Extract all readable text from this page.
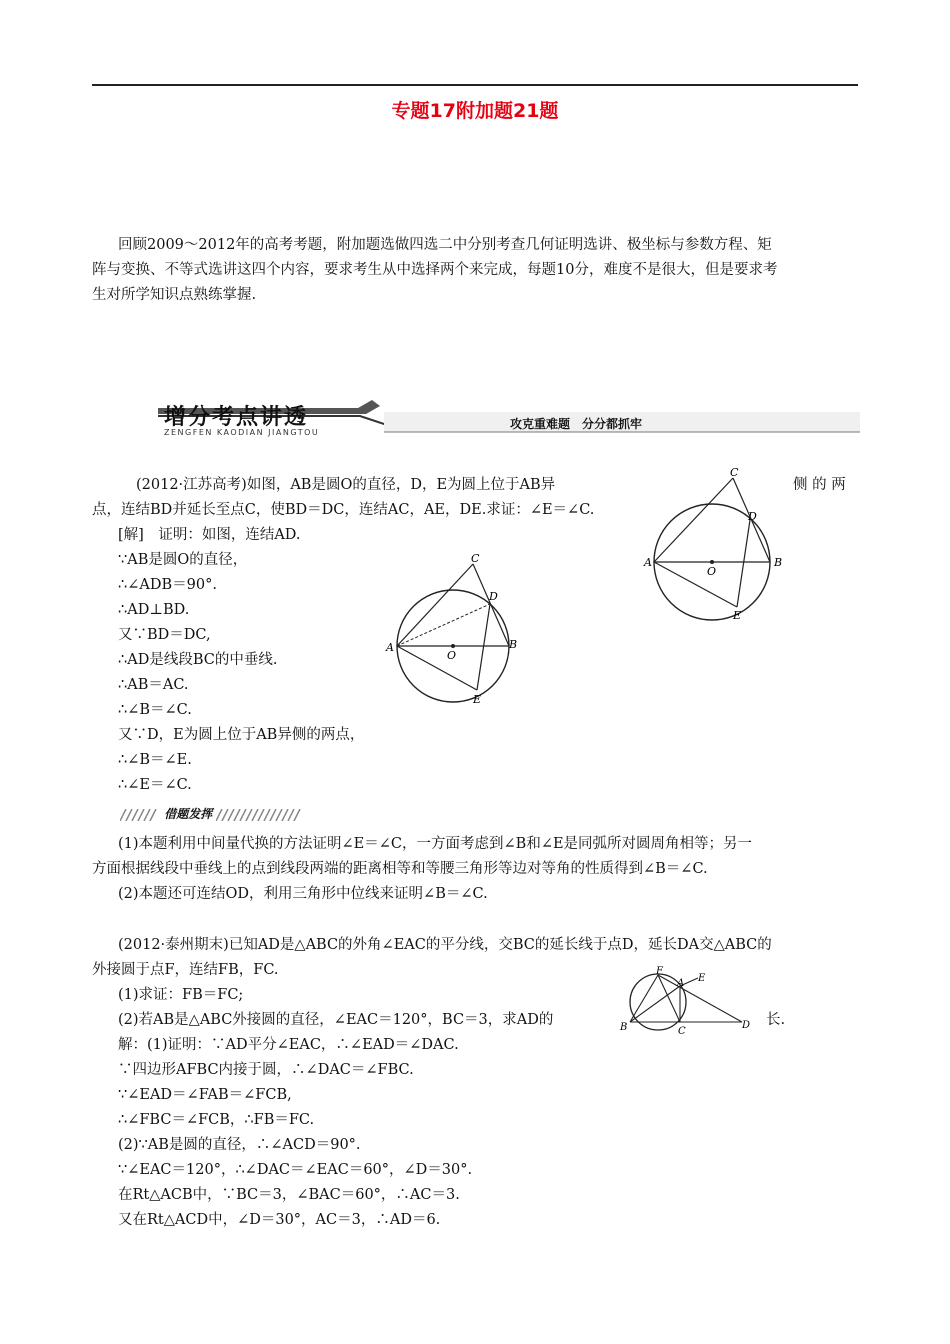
专题17附加题21题
回顾2009～2012年的高考考题，附加题选做四选二中分别考查几何证明选讲、极坐标与参数方程、矩
阵与变换、不等式选讲这四个内容，要求考生从中选择两个来完成，每题10分，难度不是很大，但是要求考
生对所学知识点熟练掌握.
增分考点讲透
ZENGFEN KAODIAN JIANGTOU
攻克重难题　分分都抓牢
(2012·江苏高考)如图，AB是圆O的直径，D，E为圆上位于AB异	侧 的 两
点，连结BD并延长至点C，使BD＝DC，连结AC，AE，DE.求证：∠E＝∠C.
[解]　证明：如图，连结AD.
∵AB是圆O的直径，
∴∠ADB＝90°.
∴AD⊥BD.
又∵BD＝DC,
∴AD是线段BC的中垂线.
∴AB＝AC.
∴∠B＝∠C.
又∵D，E为圆上位于AB异侧的两点，
∴∠B＝∠E.
∴∠E＝∠C.
C
D
A	B
O
E
C
D
A	B
O
E
借题发挥
(1)本题利用中间量代换的方法证明∠E＝∠C，一方面考虑到∠B和∠E是同弧所对圆周角相等；另一
方面根据线段中垂线上的点到线段两端的距离相等和等腰三角形等边对等角的性质得到∠B＝∠C.
(2)本题还可连结OD，利用三角形中位线来证明∠B＝∠C.
(2012·泰州期末)已知AD是△ABC的外角∠EAC的平分线，交BC的延长线于点D，延长DA交△ABC的
外接圆于点F，连结FB，FC.
(1)求证：FB＝FC;
(2)若AB是△ABC外接圆的直径，∠EAC＝120°，BC＝3，求AD的	长.
解：(1)证明：∵AD平分∠EAC，∴∠EAD＝∠DAC.
∵四边形AFBC内接于圆，∴∠DAC＝∠FBC.
∵∠EAD＝∠FAB＝∠FCB,
∴∠FBC＝∠FCB，∴FB＝FC.
(2)∵AB是圆的直径，∴∠ACD＝90°.
∵∠EAC＝120°，∴∠DAC＝∠EAC＝60°，∠D＝30°.
在Rt△ACB中，∵BC＝3，∠BAC＝60°，∴AC＝3.
又在Rt△ACD中，∠D＝30°，AC＝3，∴AD＝6.
F
A E
B	C
D
